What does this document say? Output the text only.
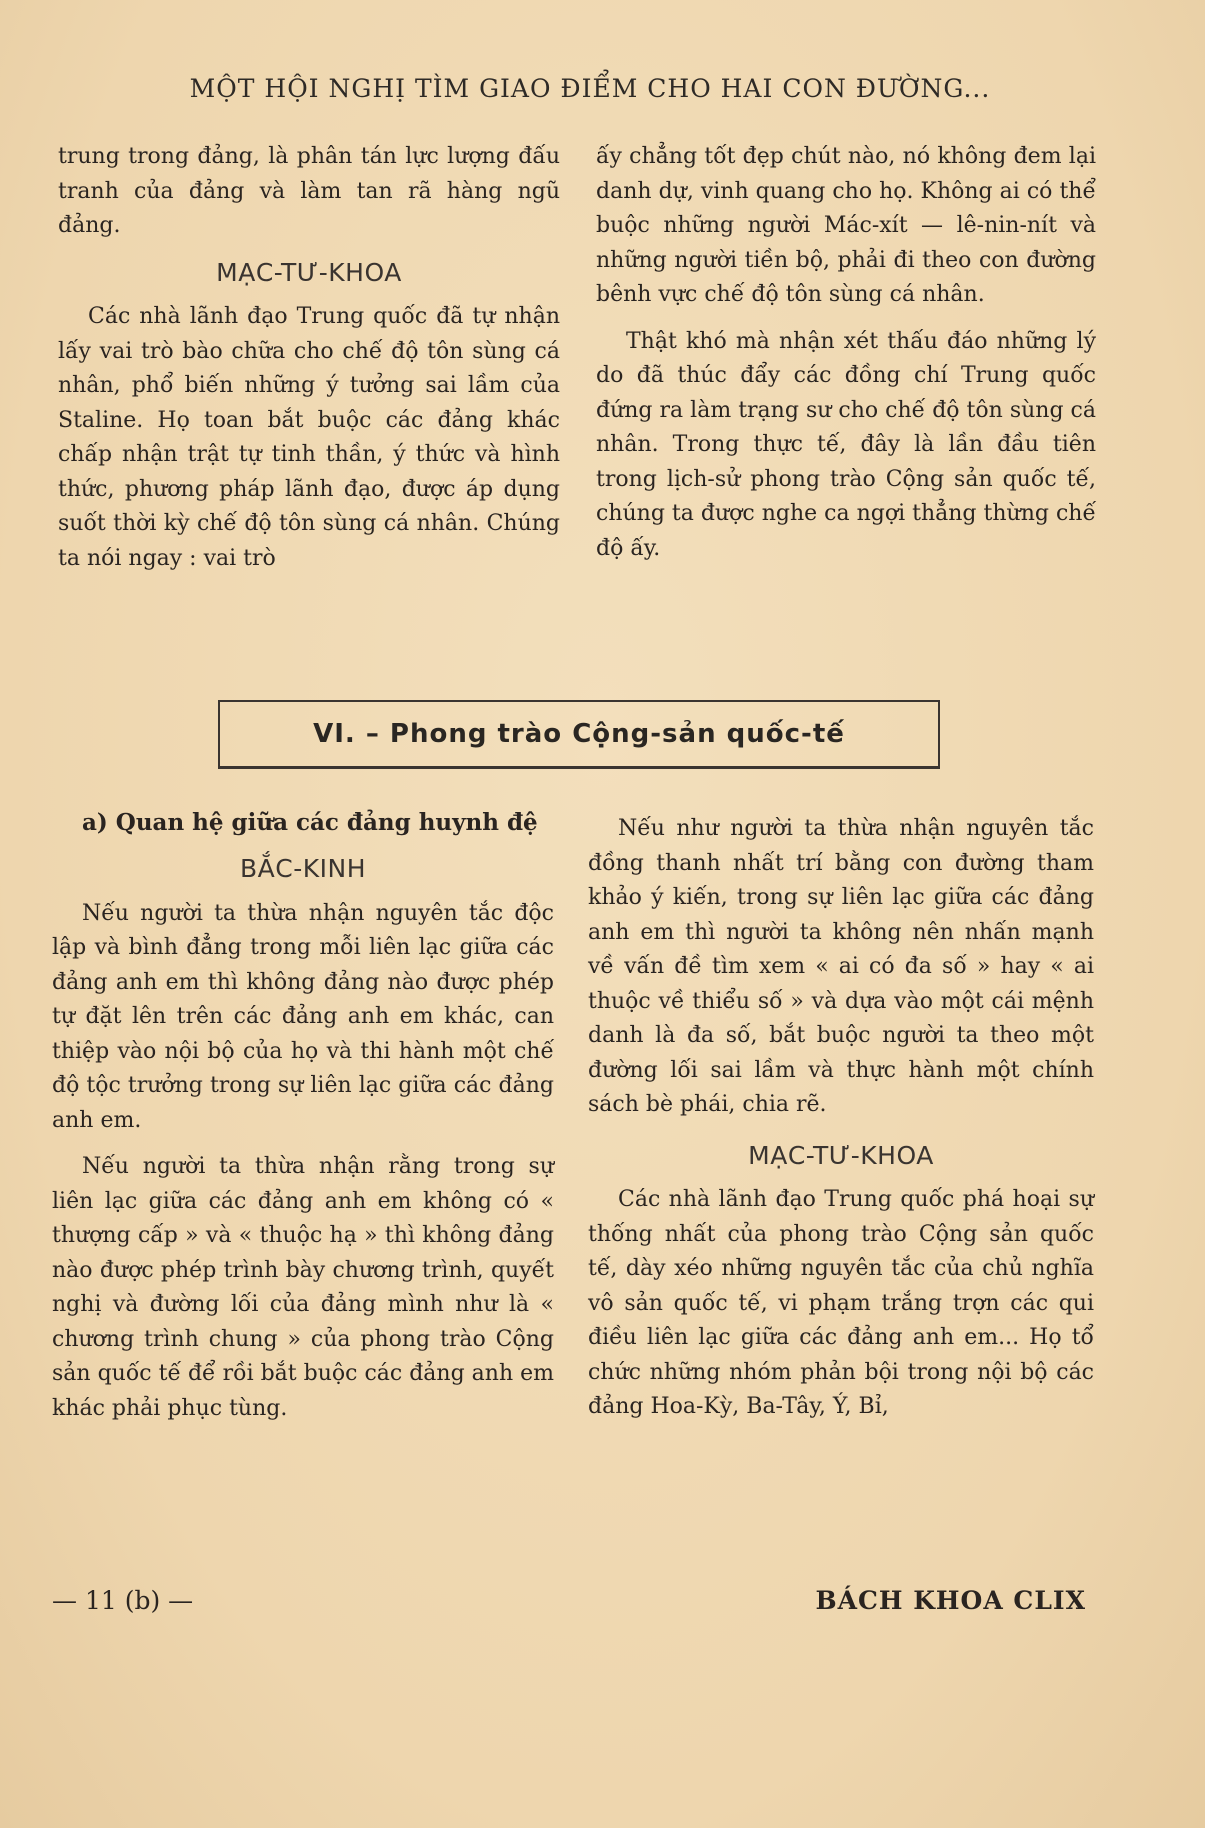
MỘT HỘI NGHỊ TÌM GIAO ĐIỂM CHO HAI CON ĐƯỜNG...

trung trong đảng, là phân tán lực lượng đấu tranh của đảng và làm tan rã hàng ngũ đảng.

MẠC-TƯ-KHOA

Các nhà lãnh đạo Trung quốc đã tự nhận lấy vai trò bào chữa cho chế độ tôn sùng cá nhân, phổ biến những ý tưởng sai lầm của Staline. Họ toan bắt buộc các đảng khác chấp nhận trật tự tinh thần, ý thức và hình thức, phương pháp lãnh đạo, được áp dụng suốt thời kỳ chế độ tôn sùng cá nhân. Chúng ta nói ngay : vai trò

ấy chẳng tốt đẹp chút nào, nó không đem lại danh dự, vinh quang cho họ. Không ai có thể buộc những người Mác-xít — lê-nin-nít và những người tiền bộ, phải đi theo con đường bênh vực chế độ tôn sùng cá nhân.

Thật khó mà nhận xét thấu đáo những lý do đã thúc đẩy các đồng chí Trung quốc đứng ra làm trạng sư cho chế độ tôn sùng cá nhân. Trong thực tế, đây là lần đầu tiên trong lịch-sử phong trào Cộng sản quốc tế, chúng ta được nghe ca ngợi thẳng thừng chế độ ấy.

VI. – Phong trào Cộng-sản quốc-tế

a) Quan hệ giữa các đảng huynh đệ

BẮC-KINH

Nếu người ta thừa nhận nguyên tắc độc lập và bình đẳng trong mỗi liên lạc giữa các đảng anh em thì không đảng nào được phép tự đặt lên trên các đảng anh em khác, can thiệp vào nội bộ của họ và thi hành một chế độ tộc trưởng trong sự liên lạc giữa các đảng anh em.

Nếu người ta thừa nhận rằng trong sự liên lạc giữa các đảng anh em không có « thượng cấp » và « thuộc hạ » thì không đảng nào được phép trình bày chương trình, quyết nghị và đường lối của đảng mình như là « chương trình chung » của phong trào Cộng sản quốc tế để rồi bắt buộc các đảng anh em khác phải phục tùng.

Nếu như người ta thừa nhận nguyên tắc đồng thanh nhất trí bằng con đường tham khảo ý kiến, trong sự liên lạc giữa các đảng anh em thì người ta không nên nhấn mạnh về vấn đề tìm xem « ai có đa số » hay « ai thuộc về thiểu số » và dựa vào một cái mệnh danh là đa số, bắt buộc người ta theo một đường lối sai lầm và thực hành một chính sách bè phái, chia rẽ.

MẠC-TƯ-KHOA

Các nhà lãnh đạo Trung quốc phá hoại sự thống nhất của phong trào Cộng sản quốc tế, dày xéo những nguyên tắc của chủ nghĩa vô sản quốc tế, vi phạm trắng trợn các qui điều liên lạc giữa các đảng anh em... Họ tổ chức những nhóm phản bội trong nội bộ các đảng Hoa-Kỳ, Ba-Tây, Ý, Bỉ,

— 11 (b) —	BÁCH KHOA CLIX
